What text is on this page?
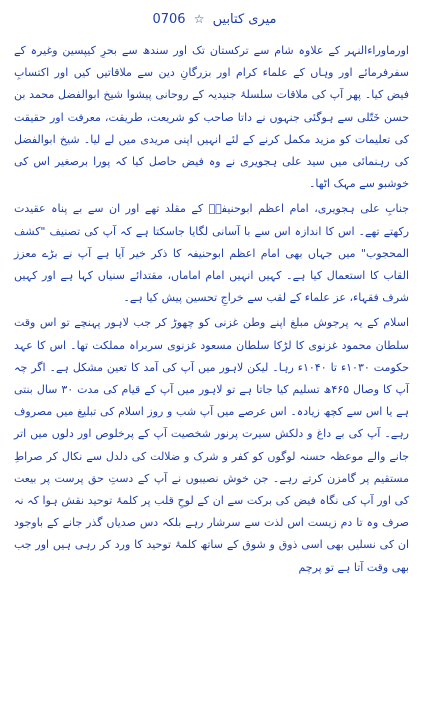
میری کتابیں ☆ 0706

اورماوراءالنہر کے علاوہ شام سے ترکستان تک اور سندھ سے بحرِ کیپسین وغیرہ کے سفرفرمائے اور وہاں کے علماء کرام اور بزرگانِ دین سے ملاقاتیں کیں اور اکتسابِ فیض کیا۔ پھر آپ کی ملاقات سلسلۂ جنیدیہ کے روحانی پیشوا شیخ ابوالفضل محمد بن حسن خَتّلی سے ہوگئی جنہوں نے داتا صاحب کو شریعت، طریقت، معرفت اور حقیقت کی تعلیمات کو مزید مکمل کرنے کے لئے انہیں اپنی مریدی میں لے لیا۔ شیخ ابوالفضل کی رہنمائی میں سید علی ہجویری نے وہ فیض حاصل کیا کہ پورا برصغیر اس کی خوشبو سے مہک اٹھا۔

جنابِ علی ہجویری، امام اعظم ابوحنیفہؒ کے مقلد تھے اور ان سے بے پناہ عقیدت رکھتے تھے۔ اس کا اندازہ اس سے با آسانی لگایا جاسکتا ہے کہ آپ کی تصنیف "کشف المحجوب" میں جہاں بھی امام اعظم ابوحنیفہ کا ذکر خیر آیا ہے آپ نے بڑے معزز القاب کا استعمال کیا ہے۔ کہیں انہیں امام اماماں، مقتدائے سنیاں کہا ہے اور کہیں شرف فقہاء، عز علماء کے لقب سے خراجِ تحسین پیش کیا ہے۔

اسلام کے یہ پرجوش مبلغ اپنے وطن غزنی کو چھوڑ کر جب لاہور پہنچے تو اس وقت سلطان محمود غزنوی کا لڑکا سلطان مسعود غزنوی سربراہ مملکت تھا۔ اس کا عہد حکومت ۱۰۳۰ء تا ۱۰۴۰ء رہا۔ لیکن لاہور میں آپ کی آمد کا تعین مشکل ہے۔ اگر چہ آپ کا وصال ۴۶۵ھ تسلیم کیا جاتا ہے تو لاہور میں آپ کے قیام کی مدت ۳۰ سال بنتی ہے یا اس سے کچھ زیادہ۔ اس عرصے میں آپ شب و روز اسلام کی تبلیغ میں مصروف رہے۔ آپ کی بے داغ و دلکش سیرت پرنور شخصیت آپ کے پرخلوص اور دلوں میں اتر جانے والے موعظہ حسنہ لوگوں کو کفر و شرک و ضلالت کی دلدل سے نکال کر صراطِ مستقیم پر گامزن کرتے رہے۔ جن خوش نصیبوں نے آپ کے دستِ حق پرست پر بیعت کی اور آپ کی نگاہ فیض کی برکت سے ان کے لوحِ قلب پر کلمۂ توحید نقش ہوا کہ نہ صرف وہ تا دم زیست اس لذت سے سرشار رہے بلکہ دس صدیاں گذر جانے کے باوجود ان کی نسلیں بھی اسی ذوق و شوق کے ساتھ کلمۂ توحید کا ورد کر رہی ہیں اور جب بھی وقت آتا ہے تو پرچم
